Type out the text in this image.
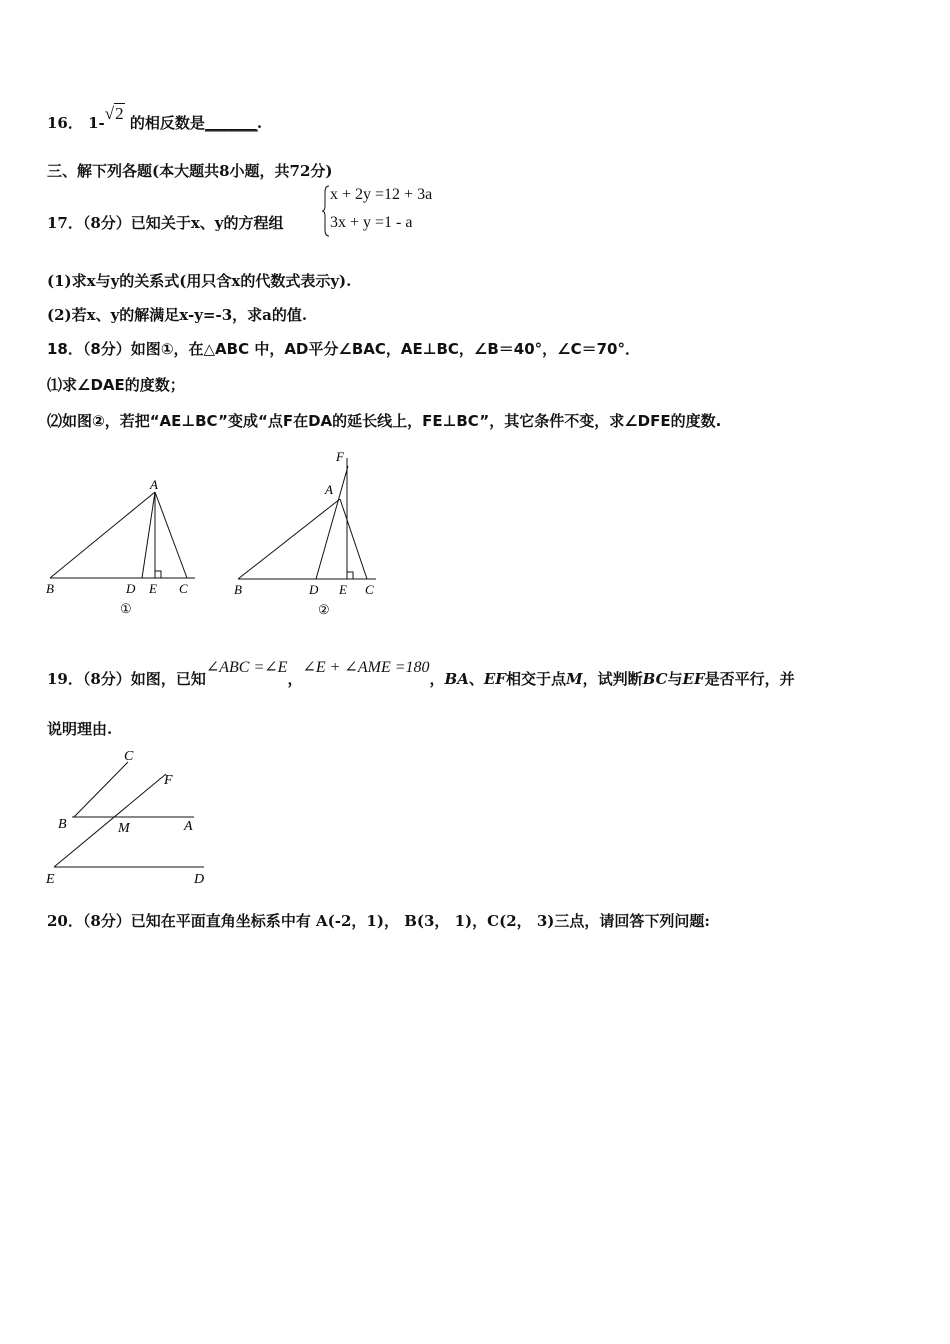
16． 1-√2 的相反数是________.
三、解下列各题(本大题共8小题，共72分)
17．（8分）已知关于x、y的方程组
x + 2y =12 + 3a
3x + y =1 - a
(1)求x与y的关系式(用只含x的代数式表示y).
(2)若x、y的解满足x-y=-3，求a的值.
18．（8分）如图①，在△ABC 中，AD平分∠BAC，AE⊥BC，∠B＝40°，∠C＝70°．
⑴求∠DAE的度数；
⑵如图②，若把“AE⊥BC”变成“点F在DA的延长线上，FE⊥BC”，其它条件不变，求∠DFE的度数.
A
B	D E C
①
F
A
B	D E C
②
19．（8分）如图，已知∠ABC =∠E，∠E + ∠AME =180，BA、EF相交于点M，试判断BC与EF是否平行，并
说明理由.
C
F
B	M	A
E	D
20．（8分）已知在平面直角坐标系中有 A(-2，1)， B(3， 1)，C(2， 3)三点，请回答下列问题:
